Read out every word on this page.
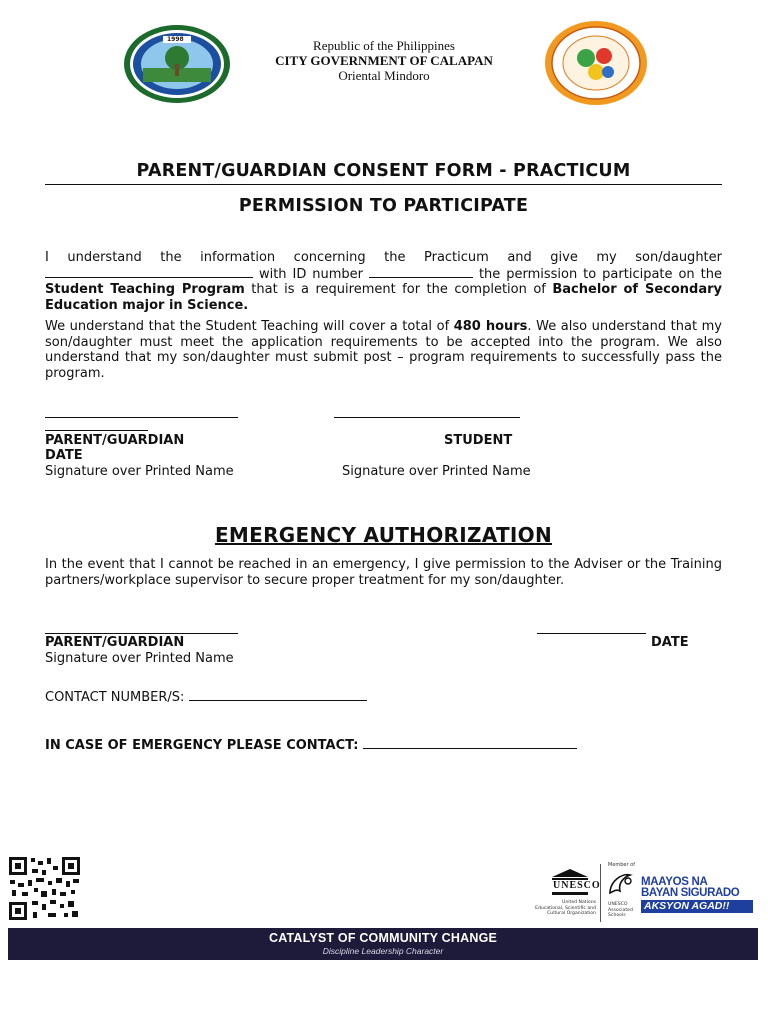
1998	Republic of the Philippines
CITY GOVERNMENT OF CALAPAN
Oriental Mindoro
PARENT/GUARDIAN CONSENT FORM - PRACTICUM
PERMISSION TO PARTICIPATE
I understand the information concerning the Practicum and give my son/daughter  with ID number	the permission to participate on the Student Teaching Program that is a requirement for the completion of Bachelor of Secondary Education major in Science.
We understand that the Student Teaching will cover a total of 480 hours. We also understand that my son/daughter must meet the application requirements to be accepted into the program. We also understand that my son/daughter must submit post – program requirements to successfully pass the program.
PARENT/GUARDIAN	STUDENT
DATE
Signature over Printed Name	Signature over Printed Name
EMERGENCY AUTHORIZATION
In the event that I cannot be reached in an emergency, I give permission to the Adviser or the Training partners/workplace supervisor to secure proper treatment for my son/daughter.
PARENT/GUARDIAN	DATE
Signature over Printed Name
CONTACT NUMBER/S:
IN CASE OF EMERGENCY PLEASE CONTACT:
UNESCO
United Nations
Educational, Scientific and
Cultural Organization
Member of
UNESCO
Associated
Schools
MAAYOS NA
BAYAN SIGURADO
AKSYON AGAD!!
CATALYST OF COMMUNITY CHANGE
Discipline Leadership Character
